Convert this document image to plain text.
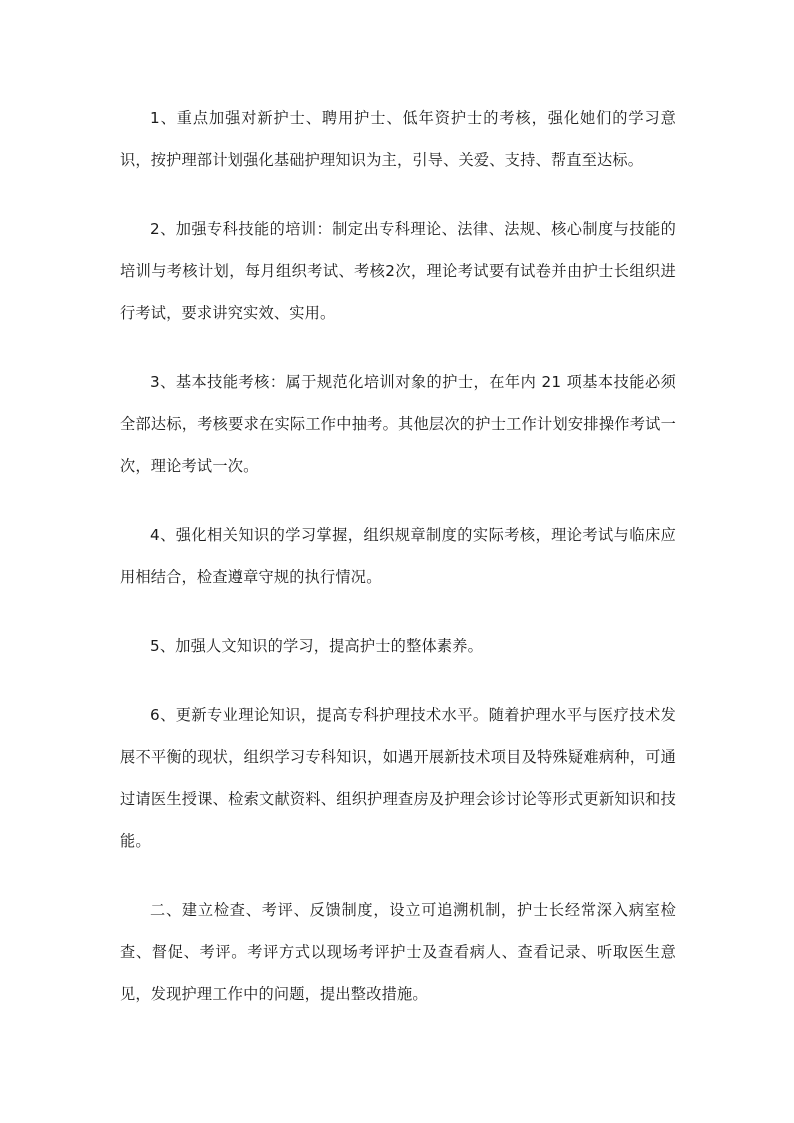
1、重点加强对新护士、聘用护士、低年资护士的考核，强化她们的学习意识，按护理部计划强化基础护理知识为主，引导、关爱、支持、帮直至达标。

2、加强专科技能的培训：制定出专科理论、法律、法规、核心制度与技能的培训与考核计划，每月组织考试、考核2次，理论考试要有试卷并由护士长组织进行考试，要求讲究实效、实用。

3、基本技能考核：属于规范化培训对象的护士，在年内 21 项基本技能必须全部达标，考核要求在实际工作中抽考。其他层次的护士工作计划安排操作考试一次，理论考试一次。

4、强化相关知识的学习掌握，组织规章制度的实际考核，理论考试与临床应用相结合，检查遵章守规的执行情况。

5、加强人文知识的学习，提高护士的整体素养。

6、更新专业理论知识，提高专科护理技术水平。随着护理水平与医疗技术发展不平衡的现状，组织学习专科知识，如遇开展新技术项目及特殊疑难病种，可通过请医生授课、检索文献资料、组织护理查房及护理会诊讨论等形式更新知识和技能。

二、建立检查、考评、反馈制度，设立可追溯机制，护士长经常深入病室检查、督促、考评。考评方式以现场考评护士及查看病人、查看记录、听取医生意见，发现护理工作中的问题，提出整改措施。
